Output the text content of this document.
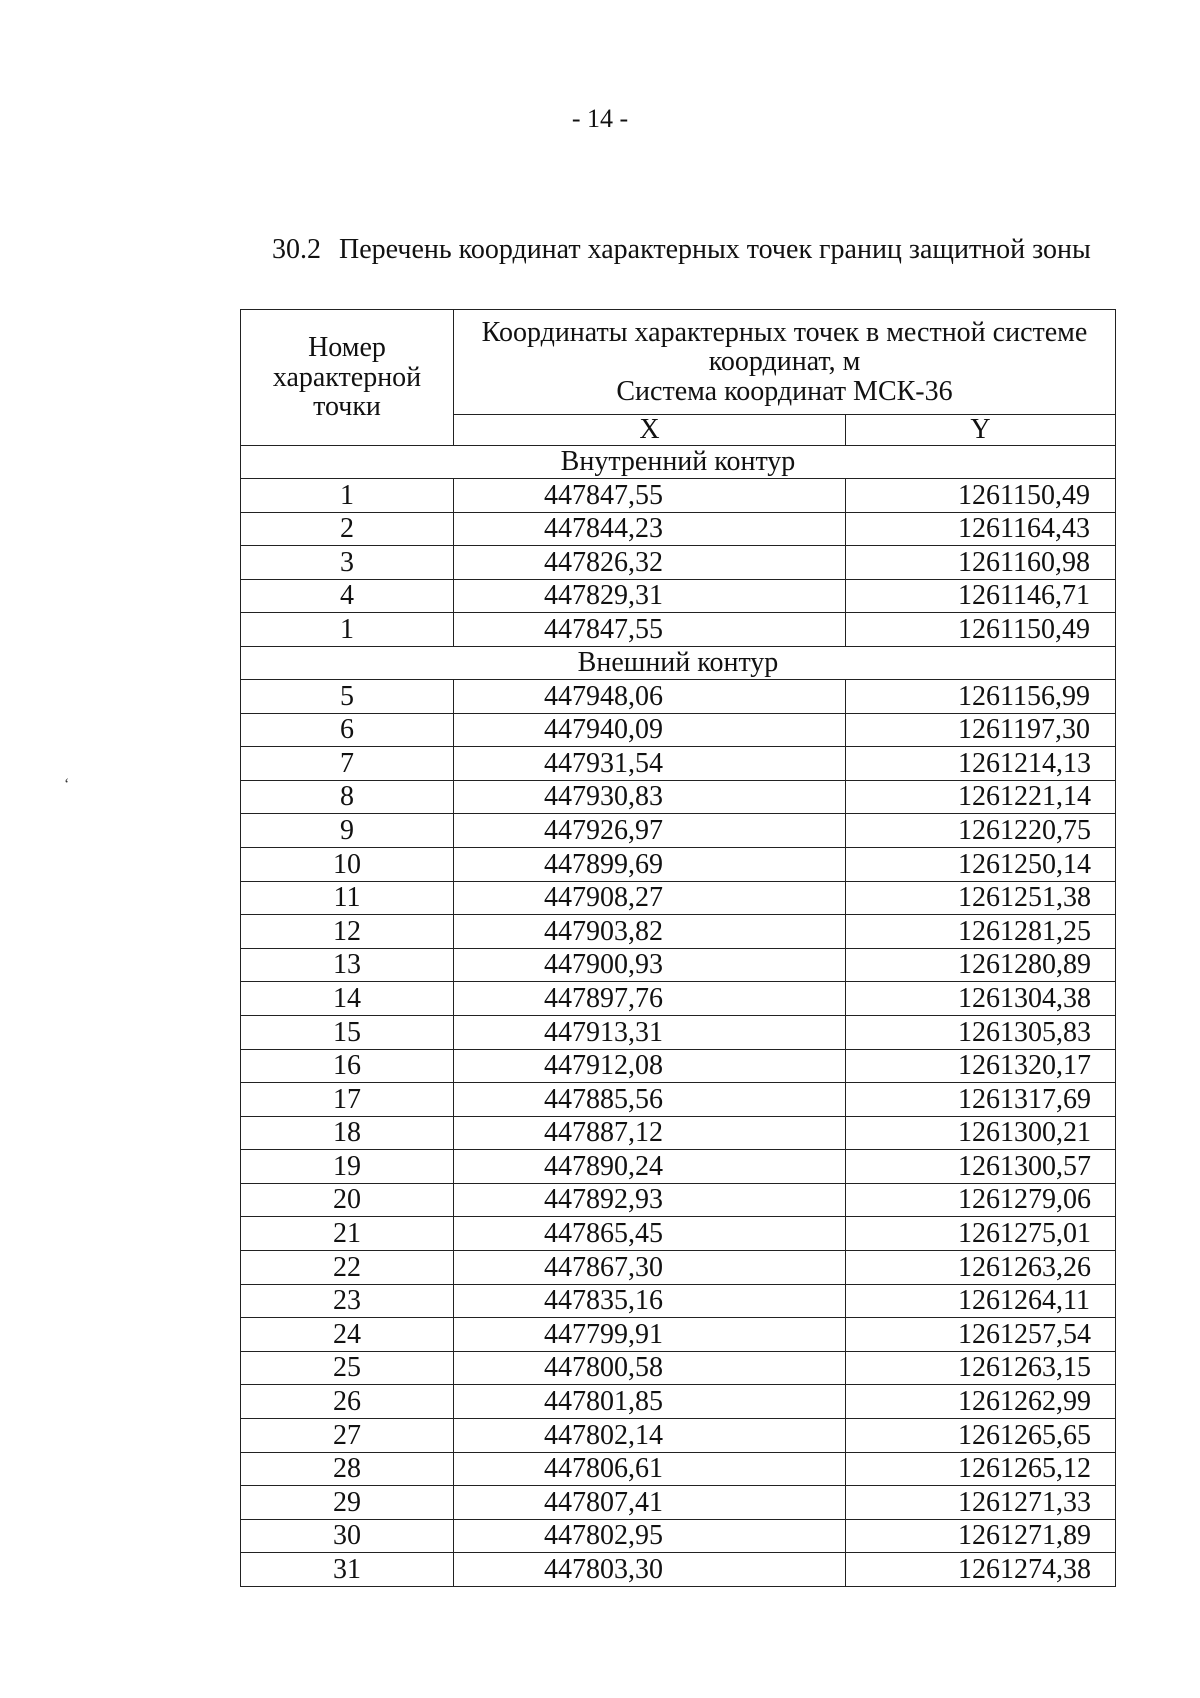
- 14 -
30.2 Перечень координат характерных точек границ защитной зоны
Номер
характерной
точки	Координаты характерных точек в местной системе
координат, м
Система координат МСК-36	

	X	Y
Внутренний контур		
1	447847,55	1261150,49
2	447844,23	1261164,43
3	447826,32	1261160,98
4	447829,31	1261146,71
1	447847,55	1261150,49
Внешний контур		
5	447948,06	1261156,99
6	447940,09	1261197,30
7	447931,54	1261214,13
8	447930,83	1261221,14
9	447926,97	1261220,75
10	447899,69	1261250,14
11	447908,27	1261251,38
12	447903,82	1261281,25
13	447900,93	1261280,89
14	447897,76	1261304,38
15	447913,31	1261305,83
16	447912,08	1261320,17
17	447885,56	1261317,69
18	447887,12	1261300,21
19	447890,24	1261300,57
20	447892,93	1261279,06
21	447865,45	1261275,01
22	447867,30	1261263,26
23	447835,16	1261264,11
24	447799,91	1261257,54
25	447800,58	1261263,15
26	447801,85	1261262,99
27	447802,14	1261265,65
28	447806,61	1261265,12
29	447807,41	1261271,33
30	447802,95	1261271,89
31	447803,30	1261274,38
‘
